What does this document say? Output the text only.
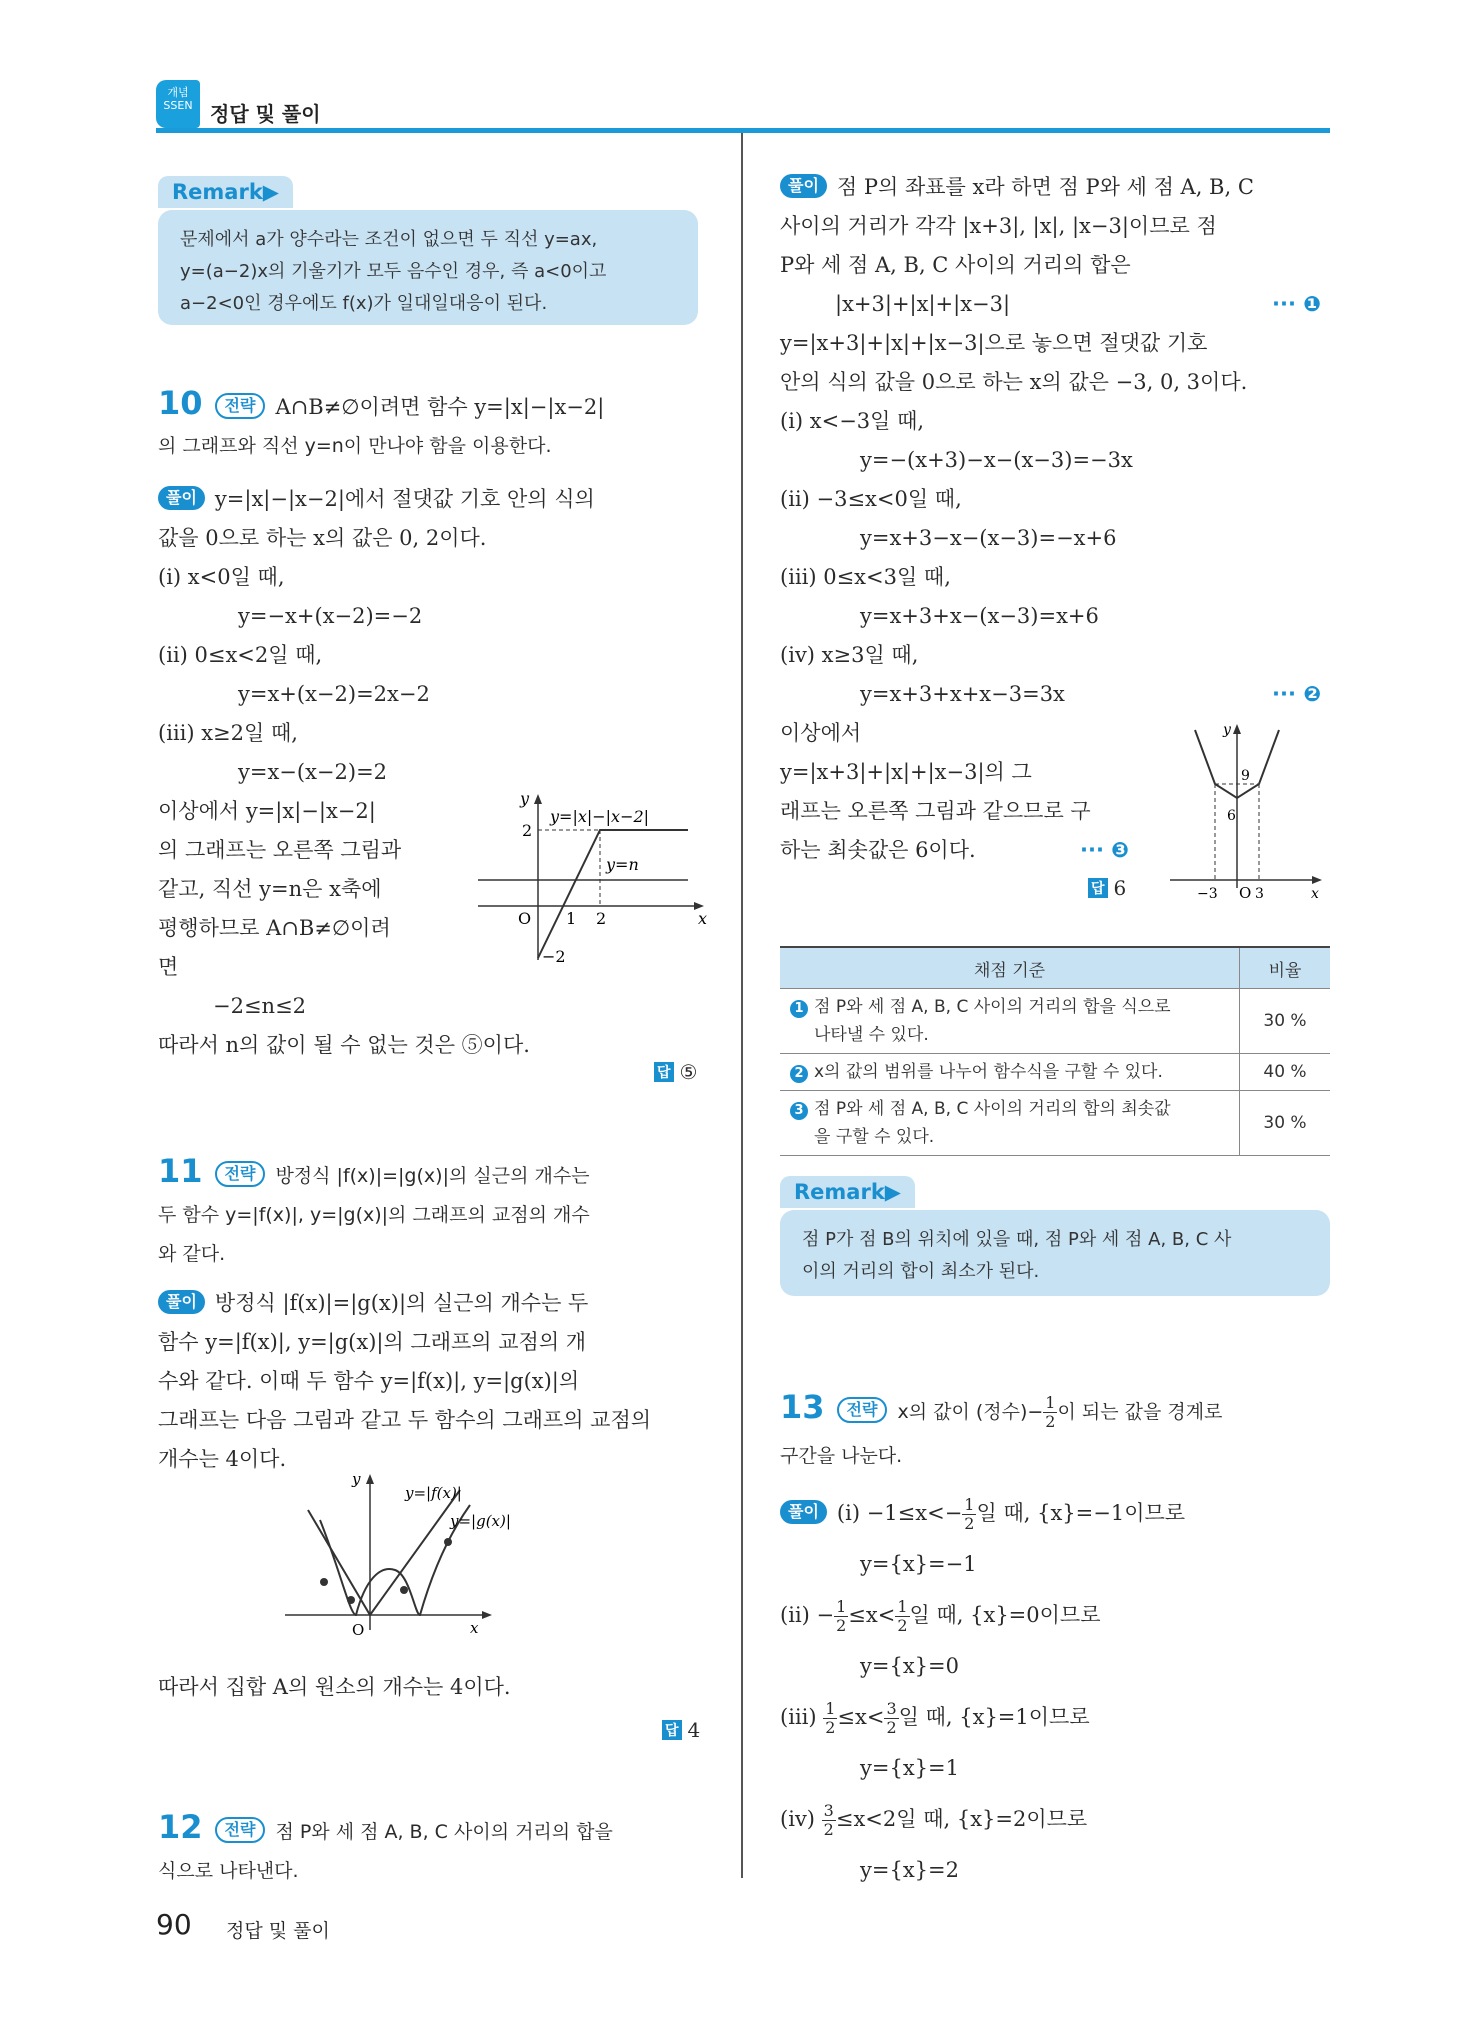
개념 SSEN 정답 및 풀이
Remark▶
문제에서 a가 양수라는 조건이 없으면 두 직선 y=ax,
y=(a−2)x의 기울기가 모두 음수인 경우, 즉 a<0이고
a−2<0인 경우에도 f(x)가 일대일대응이 된다.

10 전략 A∩B≠∅이려면 함수 y=|x|−|x−2|

의 그래프와 직선 y=n이 만나야 함을 이용한다.

풀이 y=|x|−|x−2|에서 절댓값 기호 안의 식의

값을 0으로 하는 x의 값은 0, 2이다.

(ⅰ) x<0일 때,

y=−x+(x−2)=−2

(ⅱ) 0≤x<2일 때,

y=x+(x−2)=2x−2

(ⅲ) x≥2일 때,

y=x−(x−2)=2

이상에서 y=|x|−|x−2|

의 그래프는 오른쪽 그림과

같고, 직선 y=n은 x축에

평행하므로 A∩B≠∅이려

면

−2≤n≤2

따라서 n의 값이 될 수 없는 것은 ⑤이다.

y
x
O
2
−2
1 2
y=|x|−|x−2|
y=n
답 ⑤

11 전략 방정식 |f(x)|=|g(x)|의 실근의 개수는

두 함수 y=|f(x)|, y=|g(x)|의 그래프의 교점의 개수

와 같다.

풀이 방정식 |f(x)|=|g(x)|의 실근의 개수는 두

함수 y=|f(x)|, y=|g(x)|의 그래프의 교점의 개

수와 같다. 이때 두 함수 y=|f(x)|, y=|g(x)|의

그래프는 다음 그림과 같고 두 함수의 그래프의 교점의

개수는 4이다.

y
x
O
y=|f(x)|
y=|g(x)|

따라서 집합 A의 원소의 개수는 4이다.

답 4

12 전략 점 P와 세 점 A, B, C 사이의 거리의 합을

식으로 나타낸다.

풀이 점 P의 좌표를 x라 하면 점 P와 세 점 A, B, C

사이의 거리가 각각 |x+3|, |x|, |x−3|이므로 점

P와 세 점 A, B, C 사이의 거리의 합은

|x+3|+|x|+|x−3|	··· ❶

y=|x+3|+|x|+|x−3|으로 놓으면 절댓값 기호

안의 식의 값을 0으로 하는 x의 값은 −3, 0, 3이다.

(ⅰ) x<−3일 때,

y=−(x+3)−x−(x−3)=−3x

(ⅱ) −3≤x<0일 때,

y=x+3−x−(x−3)=−x+6

(ⅲ) 0≤x<3일 때,

y=x+3+x−(x−3)=x+6

(ⅳ) x≥3일 때,

y=x+3+x+x−3=3x	··· ❷

이상에서

y=|x+3|+|x|+|x−3|의 그

래프는 오른쪽 그림과 같으므로 구

하는 최솟값은 6이다.	··· ❸

y
x
O
9
6
−3	3
답 6
채점 기준	비율
1 점 P와 세 점 A, B, C 사이의 거리의 합을 식으로
나타낼 수 있다.	30 %
2 x의 값의 범위를 나누어 함수식을 구할 수 있다.	40 %
3 점 P와 세 점 A, B, C 사이의 거리의 합의 최솟값
을 구할 수 있다.	30 %
Remark▶
점 P가 점 B의 위치에 있을 때, 점 P와 세 점 A, B, C 사
이의 거리의 합이 최소가 된다.

13 전략 x의 값이 (정수)− $\frac{1}{2}$ 이 되는 값을 경계로

구간을 나눈다.

풀이 (ⅰ) $-1\le x<- \frac{1}{2}$ 일 때, {x}=−1이므로

y={x}=−1

(ⅱ) − $\frac{1}{2} \le x< \frac{1}{2}$ 일 때, {x}=0이므로

y={x}=0

(ⅲ) $\frac{1}{2} \le x< \frac{3}{2}$ 일 때, {x}=1이므로

y={x}=1

(ⅳ) $\frac{3}{2} \le x<2$일 때, {x}=2이므로

y={x}=2

90 정답 및 풀이
